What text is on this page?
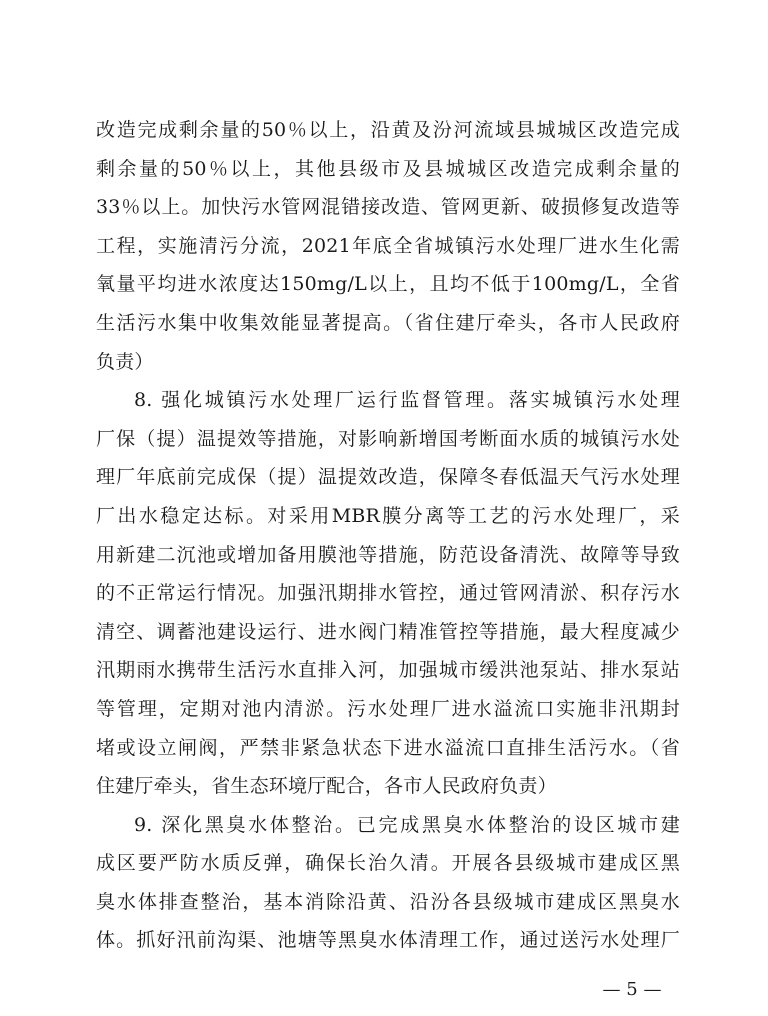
改造完成剩余量的50％以上，沿黄及汾河流域县城城区改造完成
剩余量的50％以上，其他县级市及县城城区改造完成剩余量的
33％以上。加快污水管网混错接改造、管网更新、破损修复改造等
工程，实施清污分流，2021年底全省城镇污水处理厂进水生化需
氧量平均进水浓度达150mg/L以上，且均不低于100mg/L，全省
生活污水集中收集效能显著提高。（省住建厅牵头，各市人民政府
负责）
8. 强化城镇污水处理厂运行监督管理。落实城镇污水处理
厂保（提）温提效等措施，对影响新增国考断面水质的城镇污水处
理厂年底前完成保（提）温提效改造，保障冬春低温天气污水处理
厂出水稳定达标。对采用MBR膜分离等工艺的污水处理厂，采
用新建二沉池或增加备用膜池等措施，防范设备清洗、故障等导致
的不正常运行情况。加强汛期排水管控，通过管网清淤、积存污水
清空、调蓄池建设运行、进水阀门精准管控等措施，最大程度减少
汛期雨水携带生活污水直排入河，加强城市缓洪池泵站、排水泵站
等管理，定期对池内清淤。污水处理厂进水溢流口实施非汛期封
堵或设立闸阀，严禁非紧急状态下进水溢流口直排生活污水。（省
住建厅牵头，省生态环境厅配合，各市人民政府负责）
9. 深化黑臭水体整治。已完成黑臭水体整治的设区城市建
成区要严防水质反弹，确保长治久清。开展各县级城市建成区黑
臭水体排查整治，基本消除沿黄、沿汾各县级城市建成区黑臭水
体。抓好汛前沟渠、池塘等黑臭水体清理工作，通过送污水处理厂
— 5 —
